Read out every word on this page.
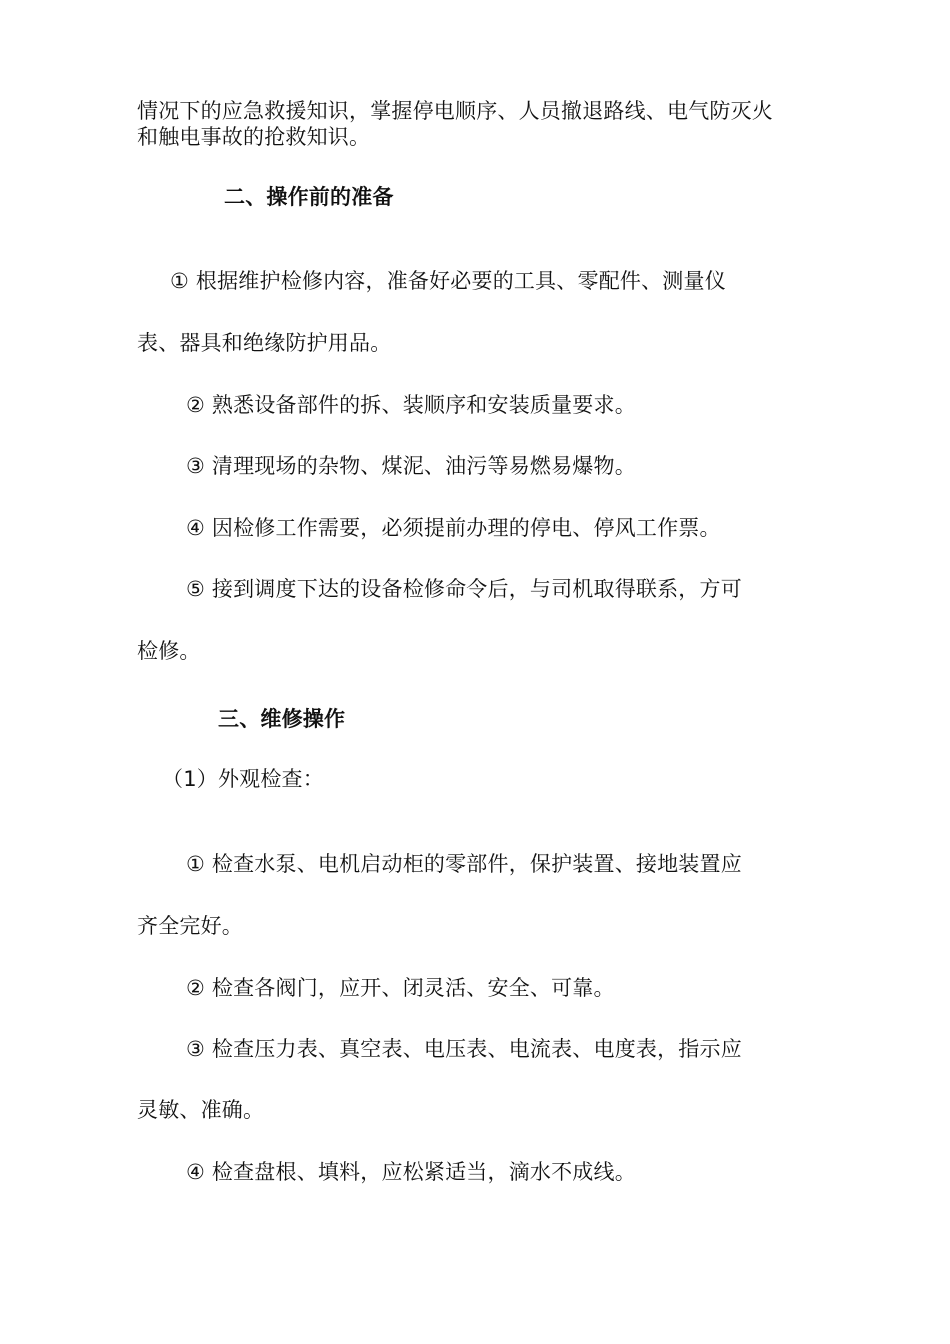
情况下的应急救援知识，掌握停电顺序、人员撤退路线、电气防灭火
和触电事故的抢救知识。
二、操作前的准备
① 根据维护检修内容，准备好必要的工具、零配件、测量仪
表、器具和绝缘防护用品。
② 熟悉设备部件的拆、装顺序和安装质量要求。
③ 清理现场的杂物、煤泥、油污等易燃易爆物。
④ 因检修工作需要，必须提前办理的停电、停风工作票。
⑤ 接到调度下达的设备检修命令后，与司机取得联系，方可
检修。
三、维修操作
（1）外观检查：
① 检查水泵、电机启动柜的零部件，保护装置、接地装置应
齐全完好。
② 检查各阀门，应开、闭灵活、安全、可靠。
③ 检查压力表、真空表、电压表、电流表、电度表，指示应
灵敏、准确。
④ 检查盘根、填料，应松紧适当，滴水不成线。
